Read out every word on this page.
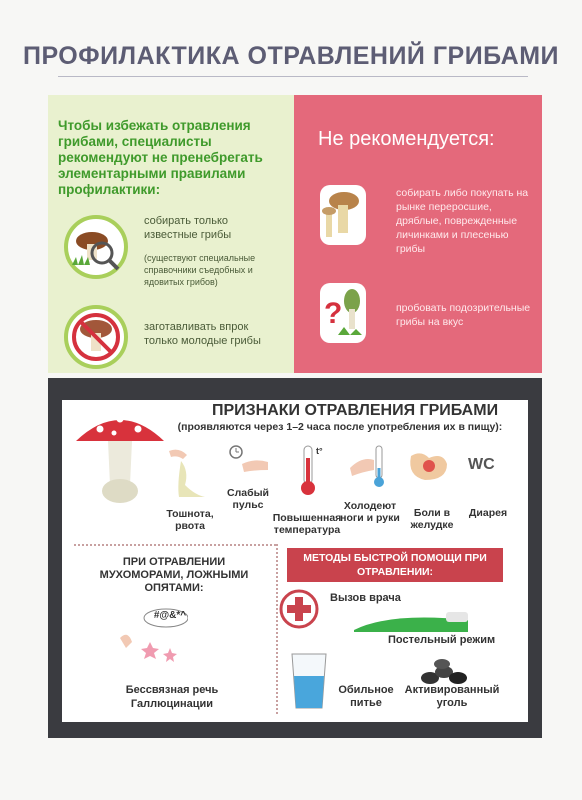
ПРОФИЛАКТИКА ОТРАВЛЕНИЙ ГРИБАМИ
Чтобы избежать отравления грибами, специалисты рекомендуют не пренебрегать элементарными правилами профилактики:
собирать только известные грибы
(существуют специальные справочники съедобных и ядовитых грибов)
заготавливать впрок только молодые грибы
Не рекомендуется:
собирать либо покупать на рынке переросшие, дряблые, поврежденные личинками и плесенью грибы
?	пробовать подозрительные грибы на вкус
ПРИЗНАКИ ОТРАВЛЕНИЯ ГРИБАМИ
(проявляются через 1–2 часа после употребления их в пищу):
Тошнота, рвота
Слабый пульс
t°
Повышенная температура
Холодеют ноги и руки	Боли в желудке
WC
Диарея
ПРИ ОТРАВЛЕНИИ МУХОМОРАМИ, ЛОЖНЫМИ ОПЯТАМИ:
#@&*^
Бессвязная речь Галлюцинации
МЕТОДЫ БЫСТРОЙ ПОМОЩИ ПРИ ОТРАВЛЕНИИ:
Вызов врача
Постельный режим
Обильное питье
Активированный уголь
